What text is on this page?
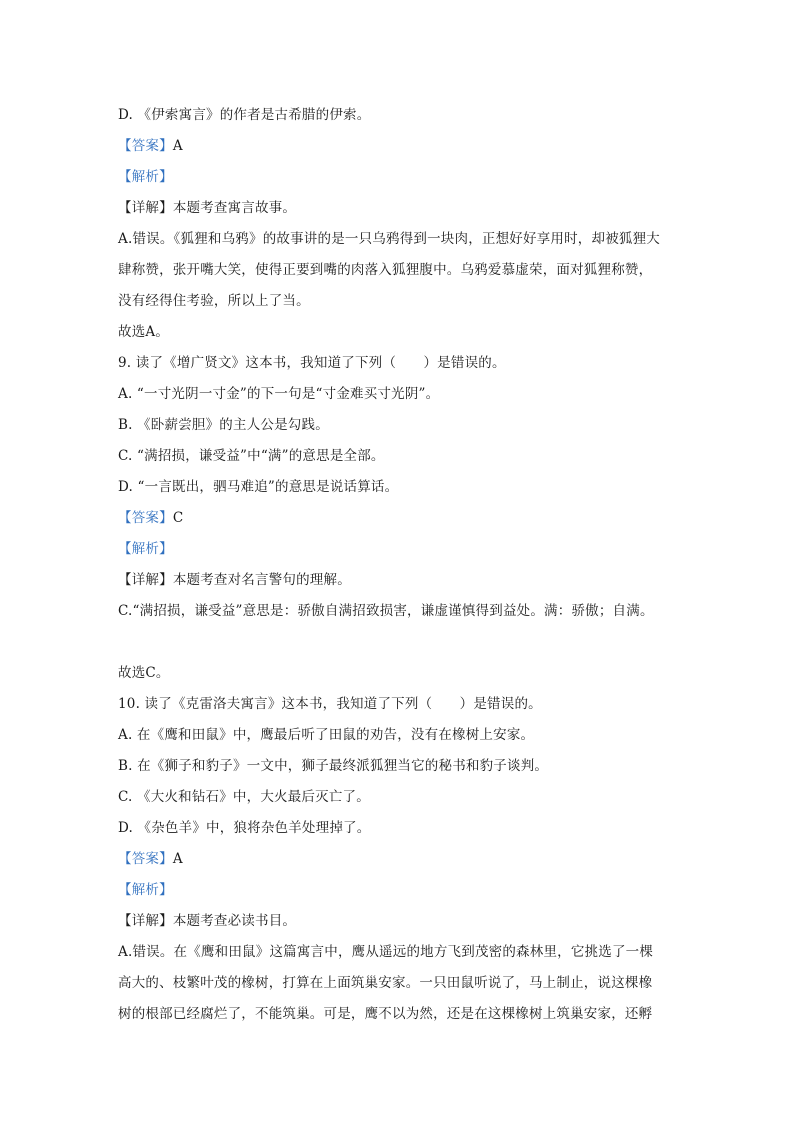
D. 《伊索寓言》的作者是古希腊的伊索。
【答案】A
【解析】
【详解】本题考查寓言故事。
A.错误。《狐狸和乌鸦》的故事讲的是一只乌鸦得到一块肉，正想好好享用时，却被狐狸大
肆称赞，张开嘴大笑，使得正要到嘴的肉落入狐狸腹中。乌鸦爱慕虚荣，面对狐狸称赞，
没有经得住考验，所以上了当。
故选A。
9. 读了《增广贤文》这本书，我知道了下列（　　）是错误的。
A. “一寸光阴一寸金”的下一句是“寸金难买寸光阴”。
B. 《卧薪尝胆》的主人公是勾践。
C. “满招损，谦受益”中“满”的意思是全部。
D. “一言既出，驷马难追”的意思是说话算话。
【答案】C
【解析】
【详解】本题考查对名言警句的理解。
C.“满招损，谦受益”意思是：骄傲自满招致损害，谦虚谨慎得到益处。满：骄傲；自满。
故选C。
10. 读了《克雷洛夫寓言》这本书，我知道了下列（　　）是错误的。
A. 在《鹰和田鼠》中，鹰最后听了田鼠的劝告，没有在橡树上安家。
B. 在《狮子和豹子》一文中，狮子最终派狐狸当它的秘书和豹子谈判。
C. 《大火和钻石》中，大火最后灭亡了。
D. 《杂色羊》中，狼将杂色羊处理掉了。
【答案】A
【解析】
【详解】本题考查必读书目。
A.错误。在《鹰和田鼠》这篇寓言中，鹰从遥远的地方飞到茂密的森林里，它挑选了一棵
高大的、枝繁叶茂的橡树，打算在上面筑巢安家。一只田鼠听说了，马上制止，说这棵橡
树的根部已经腐烂了，不能筑巢。可是，鹰不以为然，还是在这棵橡树上筑巢安家，还孵
